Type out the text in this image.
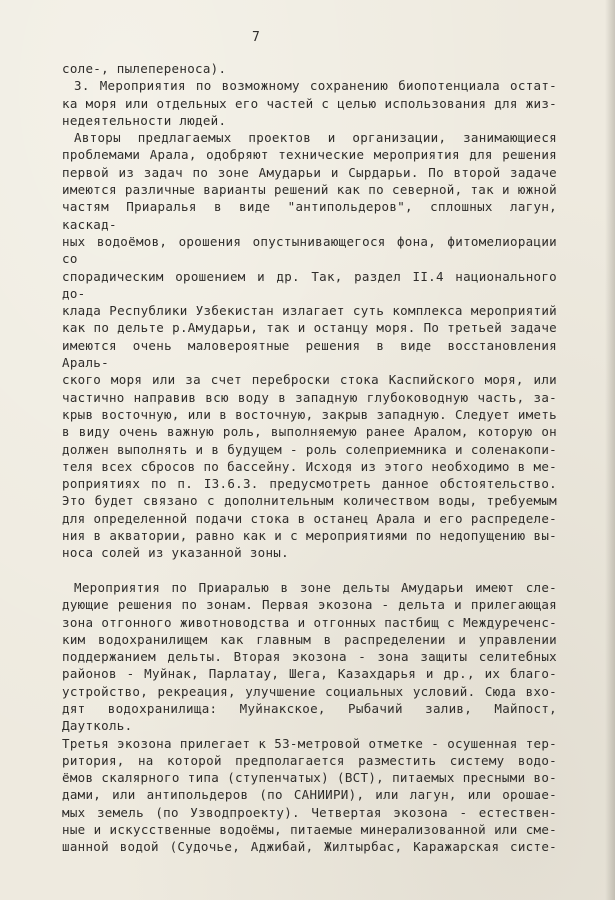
7
соле-, пылепереноса).
3. Мероприятия по возможному сохранению биопотенциала остат-
ка моря или отдельных его частей с целью использования для жиз-
недеятельности людей.
Авторы предлагаемых проектов и организации, занимающиеся
проблемами Арала, одобряют технические мероприятия для решения
первой из задач по зоне Амударьи и Сырдарьи. По второй задаче
имеются различные варианты решений как по северной, так и южной
частям Приаралья в виде "антипольдеров", сплошных лагун, каскад-
ных водоёмов, орошения опустынивающегося фона, фитомелиорации со
спорадическим орошением и др. Так, раздел II.4 национального до-
клада Республики Узбекистан излагает суть комплекса мероприятий
как по дельте р.Амударьи, так и останцу моря. По третьей задаче
имеются очень маловероятные решения в виде восстановления Араль-
ского моря или за счет переброски стока Каспийского моря, или
частично направив всю воду в западную глубоководную часть, за-
крыв восточную, или в восточную, закрыв западную. Следует иметь
в виду очень важную роль, выполняемую ранее Аралом, которую он
должен выполнять и в будущем - роль солеприемника и соленакопи-
теля всех сбросов по бассейну. Исходя из этого необходимо в ме-
роприятиях по п. I3.6.3. предусмотреть данное обстоятельство.
Это будет связано с дополнительным количеством воды, требуемым
для определенной подачи стока в останец Арала и его распределе-
ния в акватории, равно как и с мероприятиями по недопущению вы-
носа солей из указанной зоны.
Мероприятия по Приаралью в зоне дельты Амударьи имеют сле-
дующие решения по зонам. Первая экозона - дельта и прилегающая
зона отгонного животноводства и отгонных пастбищ с Междуреченс-
ким водохранилищем как главным в распределении и управлении
поддержанием дельты. Вторая экозона - зона защиты селитебных
районов - Муйнак, Парлатау, Шега, Казахдарья и др., их благо-
устройство, рекреация, улучшение социальных условий. Сюда вхо-
дят водохранилища: Муйнакское, Рыбачий залив, Майпост, Даутколь.
Третья экозона прилегает к 53-метровой отметке - осушенная тер-
ритория, на которой предполагается разместить систему водо-
ёмов скалярного типа (ступенчатых) (ВСТ), питаемых пресными во-
дами, или антипольдеров (по САНИИРИ), или лагун, или орошае-
мых земель (по Узводпроекту). Четвертая экозона - естествен-
ные и искусственные водоёмы, питаемые минерализованной или сме-
шанной водой (Судочье, Аджибай, Жилтырбас, Каражарская систе-
